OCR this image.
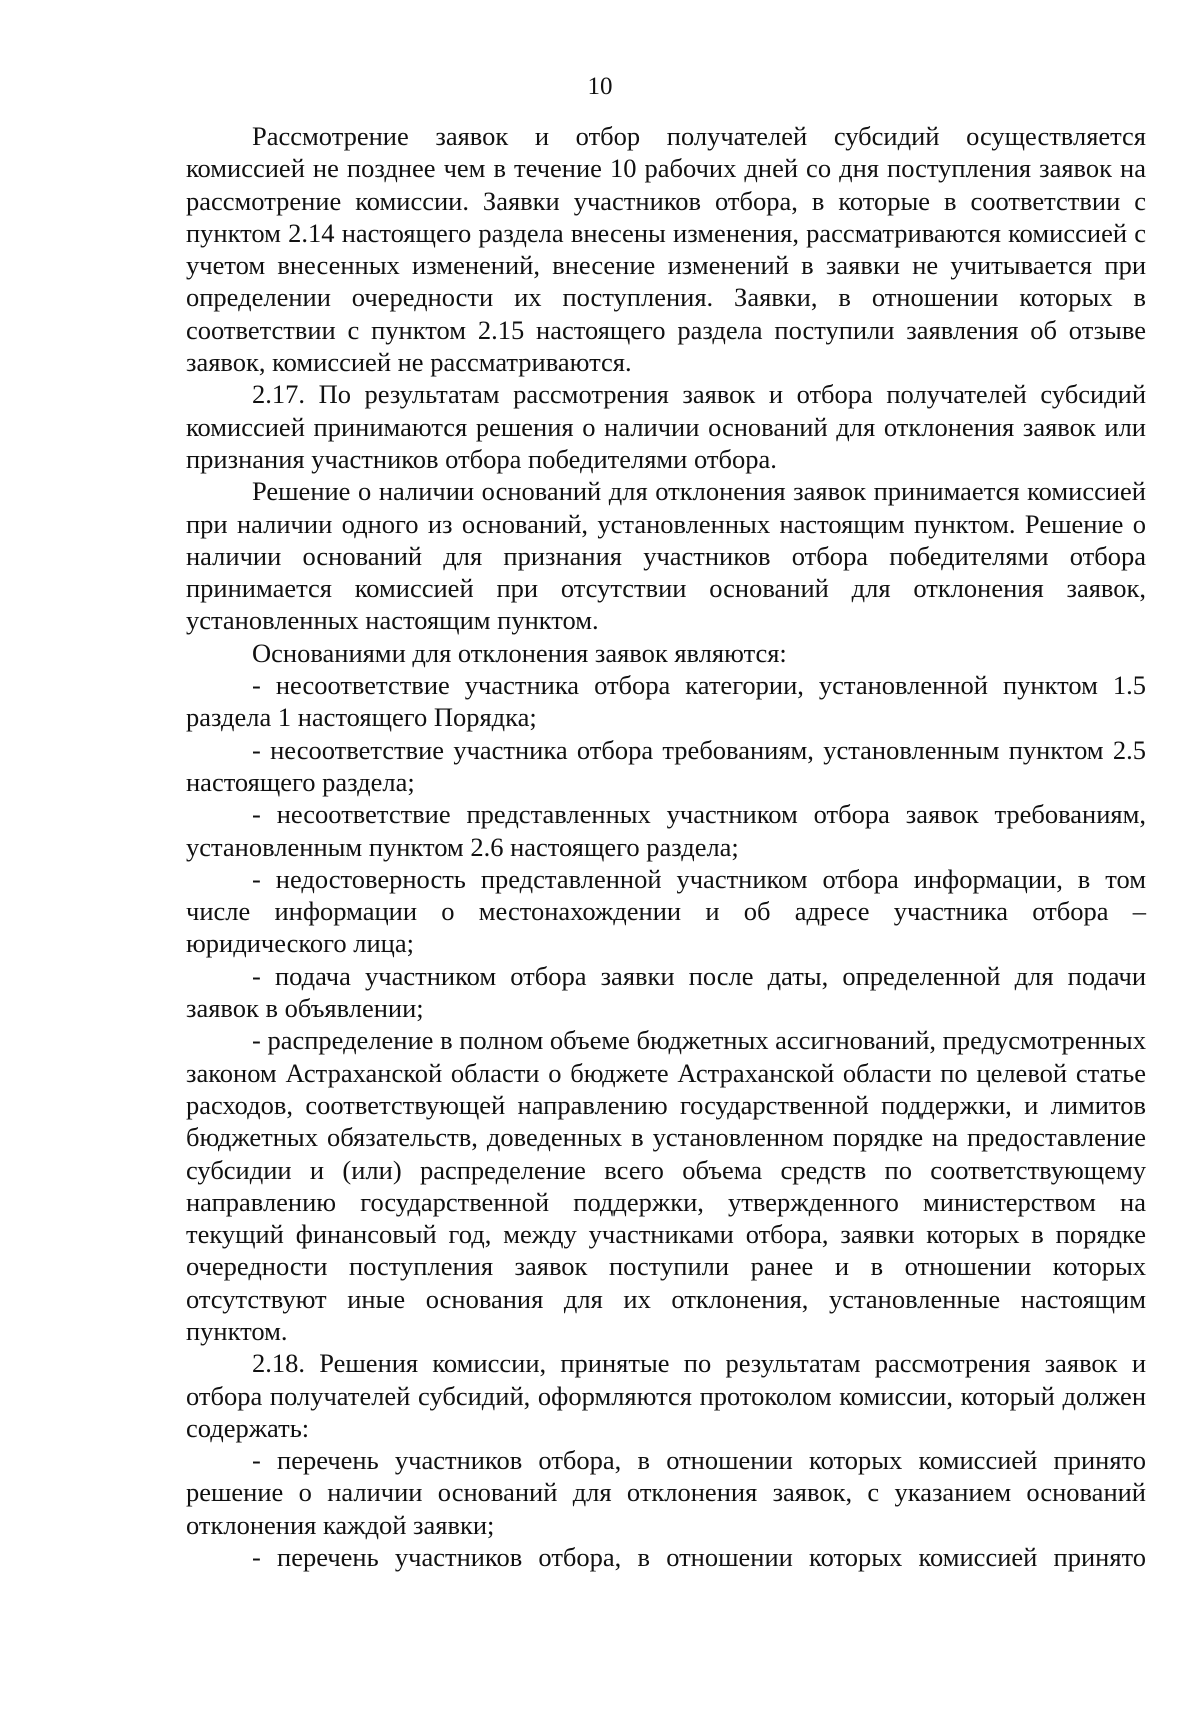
10

Рассмотрение заявок и отбор получателей субсидий осуществляется комиссией не позднее чем в течение 10 рабочих дней со дня поступления заявок на рассмотрение комиссии. Заявки участников отбора, в которые в соответствии с пунктом 2.14 настоящего раздела внесены изменения, рассматриваются комиссией с учетом внесенных изменений, внесение изменений в заявки не учитывается при определении очередности их поступления. Заявки, в отношении которых в соответствии с пунктом 2.15 настоящего раздела поступили заявления об отзыве заявок, комиссией не рассматриваются.

2.17. По результатам рассмотрения заявок и отбора получателей субсидий комиссией принимаются решения о наличии оснований для отклонения заявок или признания участников отбора победителями отбора.

Решение о наличии оснований для отклонения заявок принимается комиссией при наличии одного из оснований, установленных настоящим пунктом. Решение о наличии оснований для признания участников отбора победителями отбора принимается комиссией при отсутствии оснований для отклонения заявок, установленных настоящим пунктом.

Основаниями для отклонения заявок являются:

- несоответствие участника отбора категории, установленной пунктом 1.5 раздела 1 настоящего Порядка;

- несоответствие участника отбора требованиям, установленным пунктом 2.5 настоящего раздела;

- несоответствие представленных участником отбора заявок требованиям, установленным пунктом 2.6 настоящего раздела;

- недостоверность представленной участником отбора информации, в том числе информации о местонахождении и об адресе участника отбора – юридического лица;

- подача участником отбора заявки после даты, определенной для подачи заявок в объявлении;

- распределение в полном объеме бюджетных ассигнований, предусмотренных законом Астраханской области о бюджете Астраханской области по целевой статье расходов, соответствующей направлению государственной поддержки, и лимитов бюджетных обязательств, доведенных в установленном порядке на предоставление субсидии и (или) распределение всего объема средств по соответствующему направлению государственной поддержки, утвержденного министерством на текущий финансовый год, между участниками отбора, заявки которых в порядке очередности поступления заявок поступили ранее и в отношении которых отсутствуют иные основания для их отклонения, установленные настоящим пунктом.

2.18. Решения комиссии, принятые по результатам рассмотрения заявок и отбора получателей субсидий, оформляются протоколом комиссии, который должен содержать:

- перечень участников отбора, в отношении которых комиссией принято решение о наличии оснований для отклонения заявок, с указанием оснований отклонения каждой заявки;

- перечень участников отбора, в отношении которых комиссией принято
